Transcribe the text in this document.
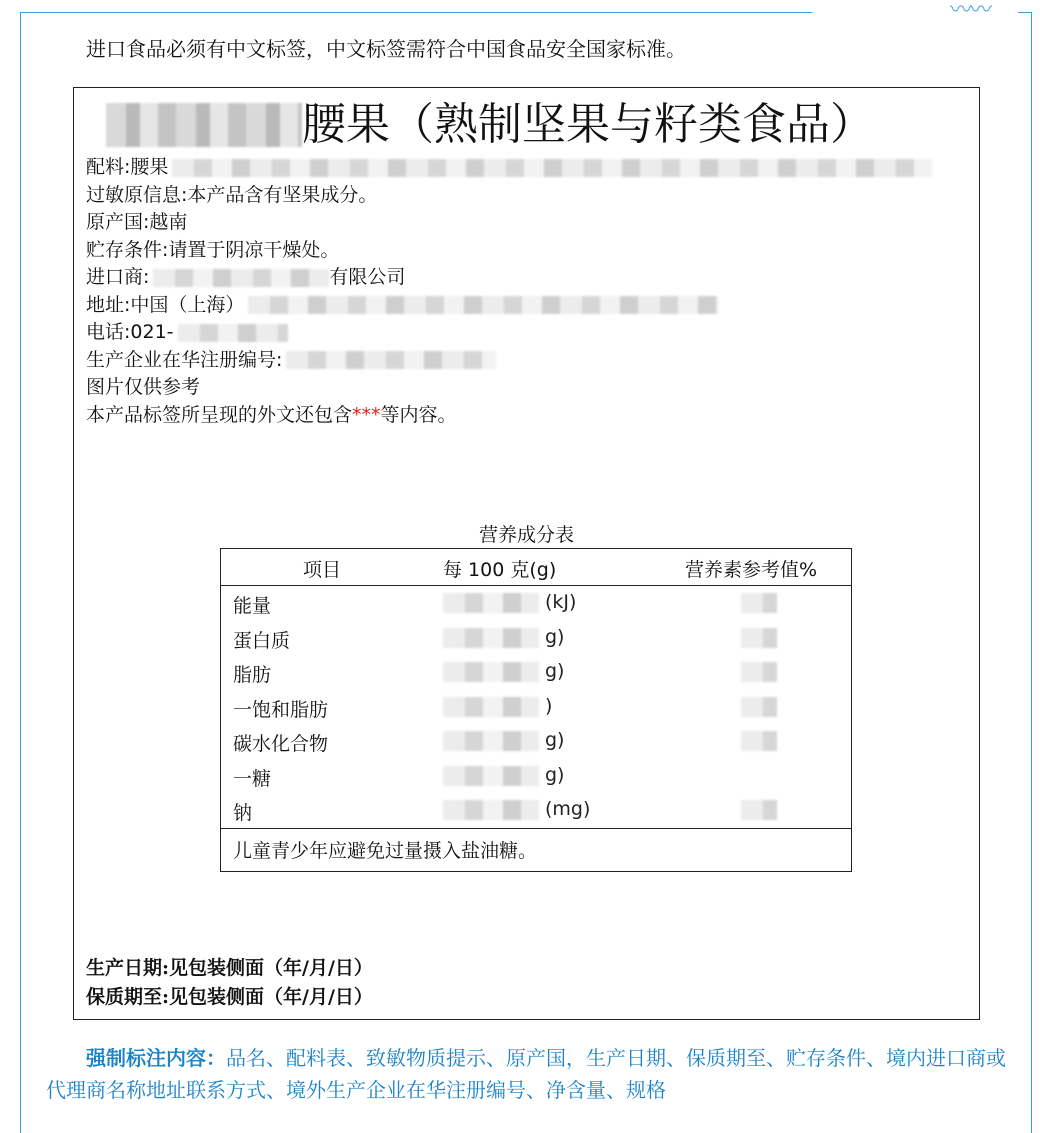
〰〰
进口食品必须有中文标签，中文标签需符合中国食品安全国家标准。
腰果（熟制坚果与籽类食品）
配料:腰果
过敏原信息:本产品含有坚果成分。
原产国:越南
贮存条件:请置于阴凉干燥处。
进口商:	有限公司
地址:中国（上海）
电话:021-
生产企业在华注册编号:
图片仅供参考
本产品标签所呈现的外文还包含 *** 等内容。
营养成分表
项目	每 100 克(g)	营养素参考值%
能量	(kJ)
蛋白质	g)
脂肪	g)
一饱和脂肪	)
碳水化合物	g)
一糖	g)
钠	(mg)
儿童青少年应避免过量摄入盐油糖。
生产日期:见包装侧面（年/月/日）
保质期至:见包装侧面（年/月/日）
强制标注内容：品名、配料表、致敏物质提示、原产国，生产日期、保质期至、贮存条件、境内进口商或代理商名称地址联系方式、境外生产企业在华注册编号、净含量、规格
